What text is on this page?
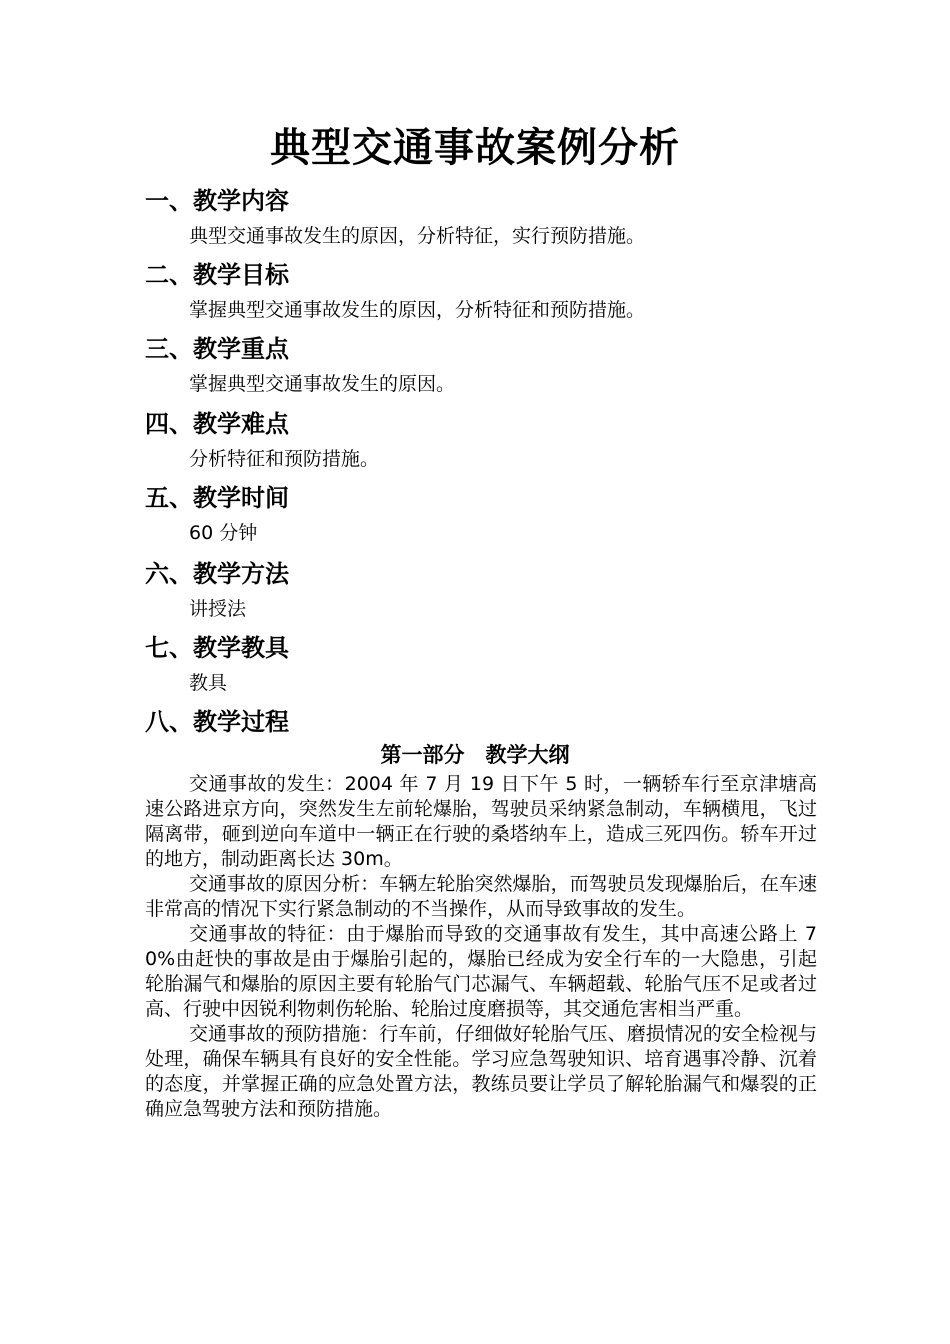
典型交通事故案例分析
一、教学内容

典型交通事故发生的原因，分析特征，实行预防措施。

二、教学目标

掌握典型交通事故发生的原因，分析特征和预防措施。

三、教学重点

掌握典型交通事故发生的原因。

四、教学难点

分析特征和预防措施。

五、教学时间

60 分钟

六、教学方法

讲授法

七、教学教具

教具

八、教学过程
第一部分　教学大纲

交通事故的发生：2004 年 7 月 19 日下午 5 时，一辆轿车行至京津塘高速公路进京方向，突然发生左前轮爆胎，驾驶员采纳紧急制动，车辆横甩，飞过隔离带，砸到逆向车道中一辆正在行驶的桑塔纳车上，造成三死四伤。轿车开过的地方，制动距离长达 30m。

交通事故的原因分析：车辆左轮胎突然爆胎，而驾驶员发现爆胎后，在车速非常高的情况下实行紧急制动的不当操作，从而导致事故的发生。

交通事故的特征：由于爆胎而导致的交通事故有发生，其中高速公路上 70%由赶快的事故是由于爆胎引起的，爆胎已经成为安全行车的一大隐患，引起轮胎漏气和爆胎的原因主要有轮胎气门芯漏气、车辆超载、轮胎气压不足或者过高、行驶中因锐利物刺伤轮胎、轮胎过度磨损等，其交通危害相当严重。

交通事故的预防措施：行车前，仔细做好轮胎气压、磨损情况的安全检视与处理，确保车辆具有良好的安全性能。学习应急驾驶知识、培育遇事冷静、沉着的态度，并掌握正确的应急处置方法，教练员要让学员了解轮胎漏气和爆裂的正确应急驾驶方法和预防措施。
